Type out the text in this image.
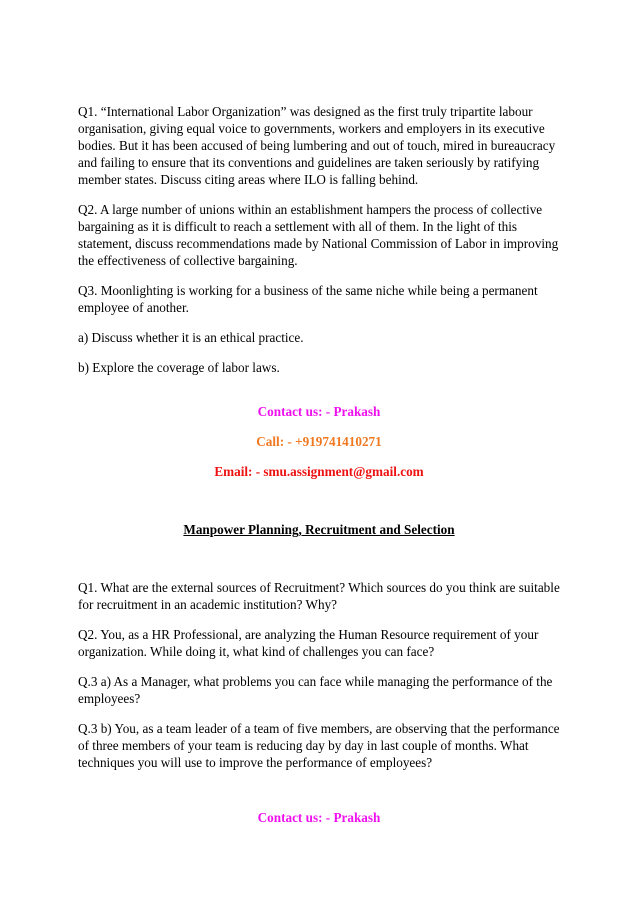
Q1. “International Labor Organization” was designed as the first truly tripartite labour organisation, giving equal voice to governments, workers and employers in its executive bodies. But it has been accused of being lumbering and out of touch, mired in bureaucracy and failing to ensure that its conventions and guidelines are taken seriously by ratifying member states. Discuss citing areas where ILO is falling behind.

Q2. A large number of unions within an establishment hampers the process of collective bargaining as it is difficult to reach a settlement with all of them. In the light of this statement, discuss recommendations made by National Commission of Labor in improving the effectiveness of collective bargaining.

Q3. Moonlighting is working for a business of the same niche while being a permanent employee of another.

a) Discuss whether it is an ethical practice.

b) Explore the coverage of labor laws.

Contact us: - Prakash

Call: - +919741410271

Email: - smu.assignment@gmail.com

Manpower Planning, Recruitment and Selection

Q1. What are the external sources of Recruitment? Which sources do you think are suitable for recruitment in an academic institution? Why?

Q2. You, as a HR Professional, are analyzing the Human Resource requirement of your organization. While doing it, what kind of challenges you can face?

Q.3 a) As a Manager, what problems you can face while managing the performance of the employees?

Q.3 b) You, as a team leader of a team of five members, are observing that the performance of three members of your team is reducing day by day in last couple of months. What techniques you will use to improve the performance of employees?

Contact us: - Prakash
